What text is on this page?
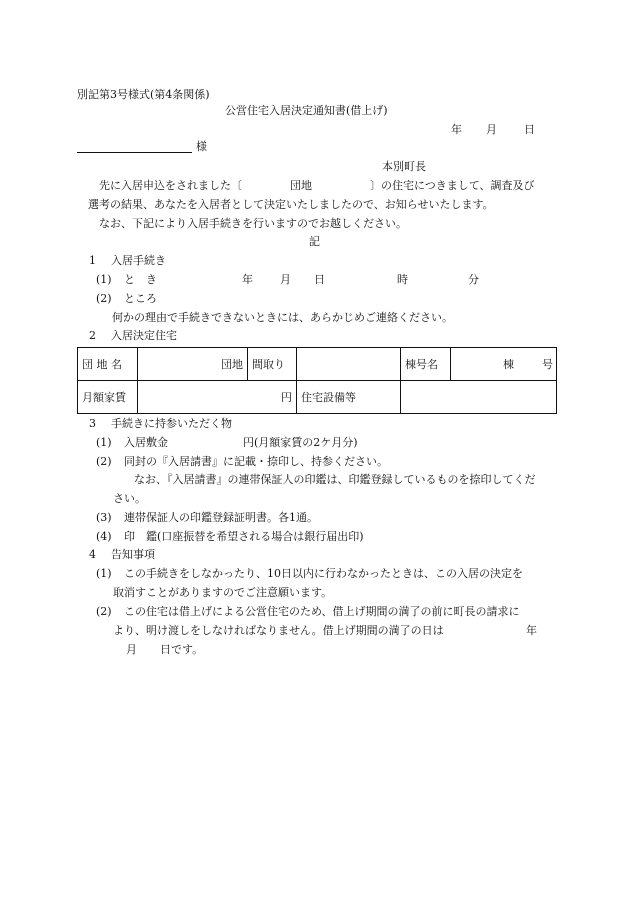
別記第3号様式(第4条関係)
公営住宅入居決定通知書(借上げ)
年 月 日
様
本別町長
先に入居申込をされました〔	団地	〕の住宅につきまして、調査及び
選考の結果、あなたを入居者として決定いたしましたので、お知らせいたします。
なお、下記により入居手続きを行いますのでお越しください。
記
1 入居手続き
(1) と　き	年 月 日	時	分
(2) ところ
何かの理由で手続きできないときには、あらかじめご連絡ください。
2 入居決定住宅
団 地 名	団地	間取り		棟号名	棟 号
月額家賃	円		住宅設備等		
3 手続きに持参いただく物
(1) 入居敷金	円(月額家賃の2ケ月分)
(2) 同封の『入居請書』に記載・捺印し、持参ください。
なお、『入居請書』の連帯保証人の印鑑は、印鑑登録しているものを捺印してくだ
さい。
(3) 連帯保証人の印鑑登録証明書。各1通。
(4) 印　鑑(口座振替を希望される場合は銀行届出印)
4 告知事項
(1) この手続きをしなかったり、10日以内に行わなかったときは、この入居の決定を
取消すことがありますのでご注意願います。
(2) この住宅は借上げによる公営住宅のため、借上げ期間の満了の前に町長の請求に
より、明け渡しをしなければなりません。借上げ期間の満了の日は	年
月 日です。
